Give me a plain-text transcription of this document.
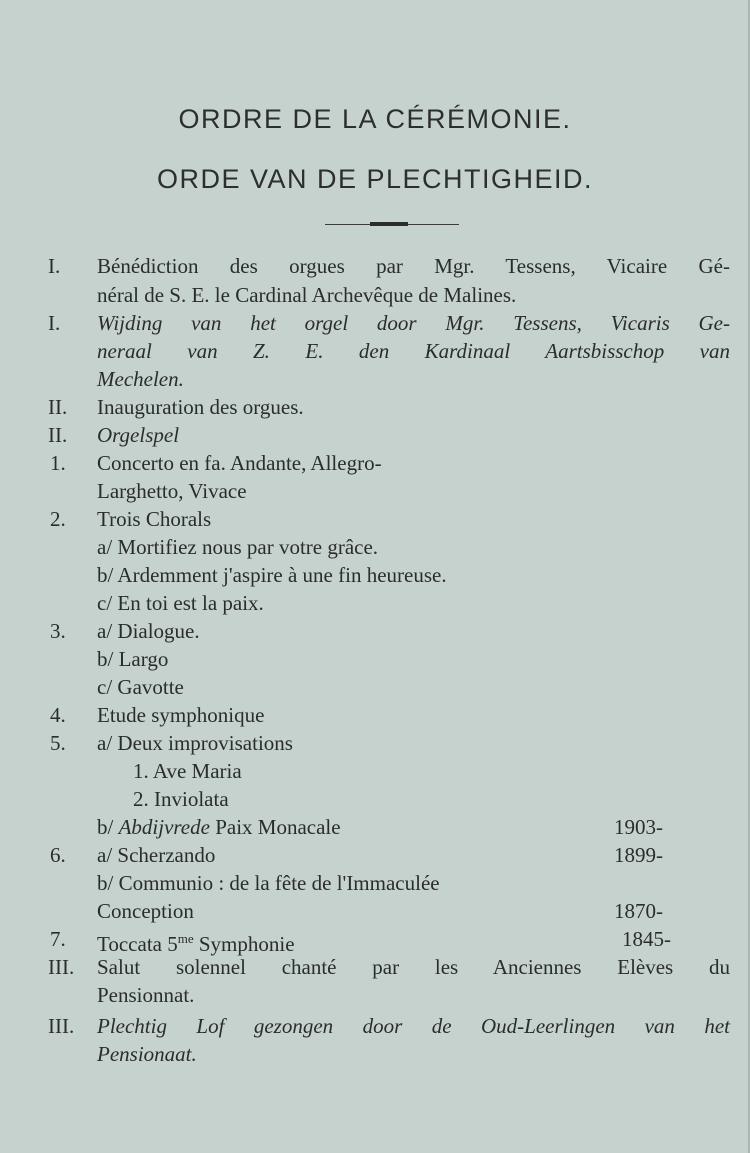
ORDRE DE LA CÉRÉMONIE.
ORDE VAN DE PLECHTIGHEID.
I. Bénédiction des orgues par Mgr. Tessens, Vicaire Gé-
néral de S. E. le Cardinal Archevêque de Malines.
I. Wijding van het orgel door Mgr. Tessens, Vicaris Ge-
neraal van Z. E. den Kardinaal Aartsbisschop van
Mechelen.
II. Inauguration des orgues.
II. Orgelspel
1. Concerto en fa. Andante, Allegro-
Larghetto, Vivace
2. Trois Chorals
a/ Mortifiez nous par votre grâce.
b/ Ardemment j'aspire à une fin heureuse.
c/ En toi est la paix.
3. a/ Dialogue.
b/ Largo
c/ Gavotte
4. Etude symphonique
5. a/ Deux improvisations
1. Ave Maria
2. Inviolata
b/ Abdijvrede Paix Monacale	1903-
6. a/ Scherzando	1899-
b/ Communio : de la fête de l'Immaculée
Conception	1870-
7. Toccata $5^{me}$ Symphonie	1845-
III. Salut solennel chanté par les Anciennes Elèves du
Pensionnat.
III. Plechtig Lof gezongen door de Oud-Leerlingen van het
Pensionaat.
